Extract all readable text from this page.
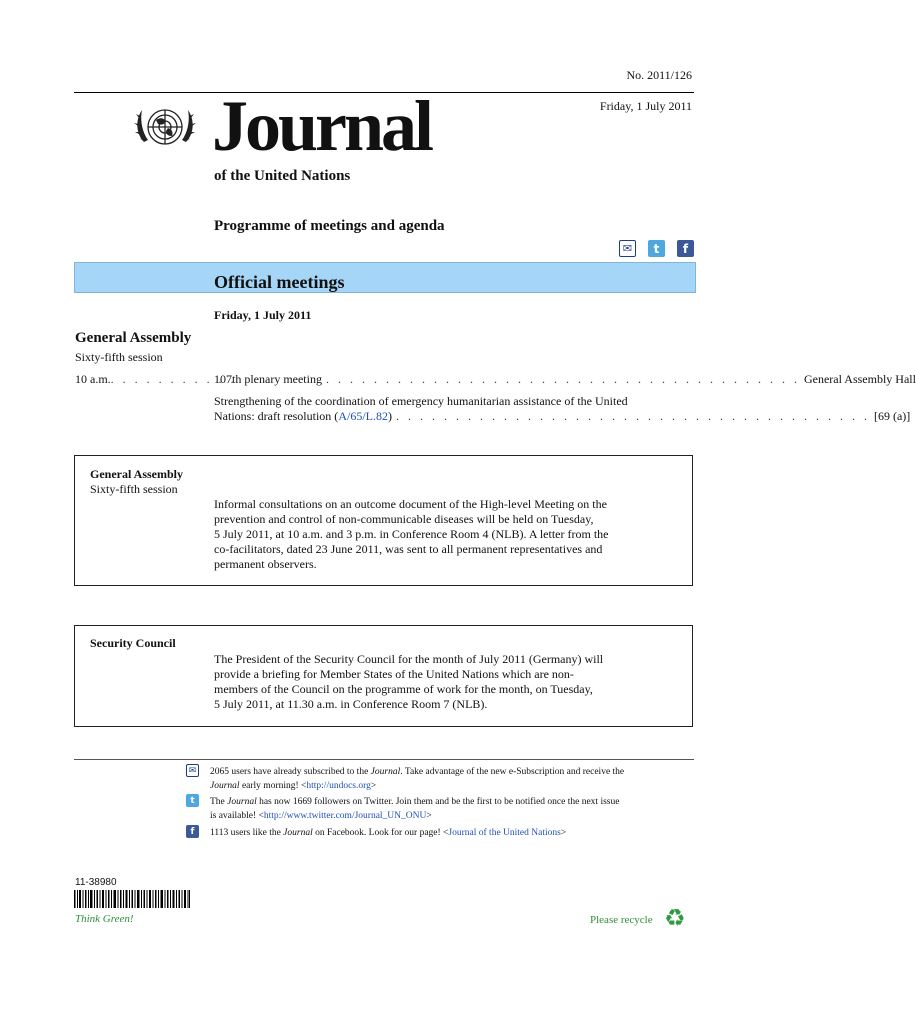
No. 2011/126
Friday, 1 July 2011
Journal
of the United Nations
Programme of meetings and agenda
✉	t	f
Official meetings
Friday, 1 July 2011
General Assembly
Sixty-fifth session
10 a.m.. . . . . . . . . . .
107th plenary meeting . . . . . . . . . . . . . . . . . . . . . . . . . . . . . . . . . . . . . . . . General Assembly Hall
Strengthening of the coordination of emergency humanitarian assistance of the United
Nations: draft resolution ( A/65/L.82 ) . . . . . . . . . . . . . . . . . . . . . . . . . . . . . . . . . . . . . . . . [69 (a)]
General Assembly
Sixty-fifth session
Informal consultations on an outcome document of the High-level Meeting on the
prevention and control of non-communicable diseases will be held on Tuesday,
5 July 2011, at 10 a.m. and 3 p.m. in Conference Room 4 (NLB). A letter from the
co-facilitators, dated 23 June 2011, was sent to all permanent representatives and
permanent observers.
Security Council
The President of the Security Council for the month of July 2011 (Germany) will
provide a briefing for Member States of the United Nations which are non-
members of the Council on the programme of work for the month, on Tuesday,
5 July 2011, at 11.30 a.m. in Conference Room 7 (NLB).
✉ 2065 users have already subscribed to the Journal. Take advantage of the new e-Subscription and receive the
Journal early morning! <http://undocs.org>
t	The Journal has now 1669 followers on Twitter. Join them and be the first to be notified once the next issue
is available! <http://www.twitter.com/Journal_UN_ONU>
f	1113 users like the Journal on Facebook. Look for our page! <Journal of the United Nations>
11-38980
Think Green!	Please recycle ♻
